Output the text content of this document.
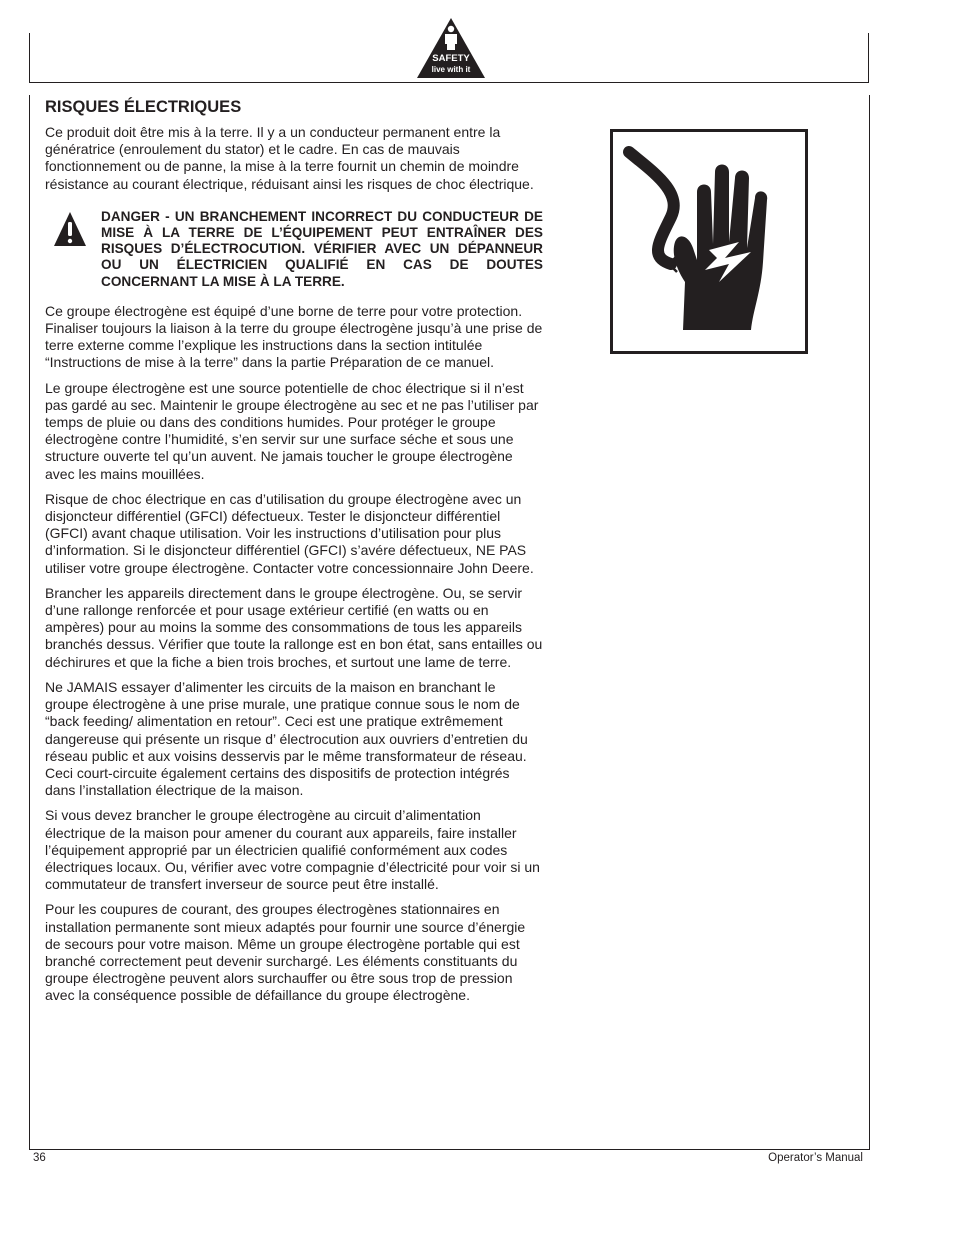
SAFETY
live with it
RISQUES ÉLECTRIQUES

Ce produit doit être mis à la terre. Il y a un conducteur permanent entre la génératrice (enroulement du stator) et le cadre. En cas de mauvais fonctionnement ou de panne, la mise à la terre fournit un chemin de moindre résistance au courant électrique, réduisant ainsi les risques de choc électrique.

DANGER - UN BRANCHEMENT INCORRECT DU CONDUCTEUR DE MISE À LA TERRE DE L’ÉQUIPEMENT PEUT ENTRAÎNER DES RISQUES D’ÉLECTROCUTION. VÉRIFIER AVEC UN DÉPANNEUR OU UN ÉLECTRICIEN QUALIFIÉ EN CAS DE DOUTES CONCERNANT LA MISE À LA TERRE.

Ce groupe électrogène est équipé d’une borne de terre pour votre protection. Finaliser toujours la liaison à la terre du groupe électrogène jusqu’à une prise de terre externe comme l’explique les instructions dans la section intitulée “Instructions de mise à la terre” dans la partie Préparation de ce manuel.

Le groupe électrogène est une source potentielle de choc électrique si il n’est pas gardé au sec. Maintenir le groupe électrogène au sec et ne pas l’utiliser par temps de pluie ou dans des conditions humides. Pour protéger le groupe électrogène contre l’humidité, s’en servir sur une surface séche et sous une structure ouverte tel qu’un auvent. Ne jamais toucher le groupe électrogène avec les mains mouillées.

Risque de choc électrique en cas d’utilisation du groupe électrogène avec un disjoncteur différentiel (GFCI) défectueux. Tester le disjoncteur différentiel (GFCI) avant chaque utilisation. Voir les instructions d’utilisation pour plus d’information. Si le disjoncteur différentiel (GFCI) s’avére défectueux, NE PAS utiliser votre groupe électrogène. Contacter votre concessionnaire John Deere.

Brancher les appareils directement dans le groupe électrogène. Ou, se servir d’une rallonge renforcée et pour usage extérieur certifié (en watts ou en ampères) pour au moins la somme des consommations de tous les appareils branchés dessus. Vérifier que toute la rallonge est en bon état, sans entailles ou déchirures et que la fiche a bien trois broches, et surtout une lame de terre.

Ne JAMAIS essayer d’alimenter les circuits de la maison en branchant le groupe électrogène à une prise murale, une pratique connue sous le nom de “back feeding/ alimentation en retour”. Ceci est une pratique extrêmement dangereuse qui présente un risque d’ électrocution aux ouvriers d’entretien du réseau public et aux voisins desservis par le même transformateur de réseau. Ceci court-circuite également certains des dispositifs de protection intégrés dans l’installation électrique de la maison.

Si vous devez brancher le groupe électrogène au circuit d’alimentation électrique de la maison pour amener du courant aux appareils, faire installer l’équipement approprié par un électricien qualifié conformément aux codes électriques locaux. Ou, vérifier avec votre compagnie d’électricité pour voir si un commutateur de transfert inverseur de source peut être installé.

Pour les coupures de courant, des groupes électrogènes stationnaires en installation permanente sont mieux adaptés pour fournir une source d’énergie de secours pour votre maison. Même un groupe électrogène portable qui est branché correctement peut devenir surchargé. Les éléments constituants du groupe électrogène peuvent alors surchauffer ou être sous trop de pression avec la conséquence possible de défaillance du groupe électrogène.

36	Operator’s Manual
